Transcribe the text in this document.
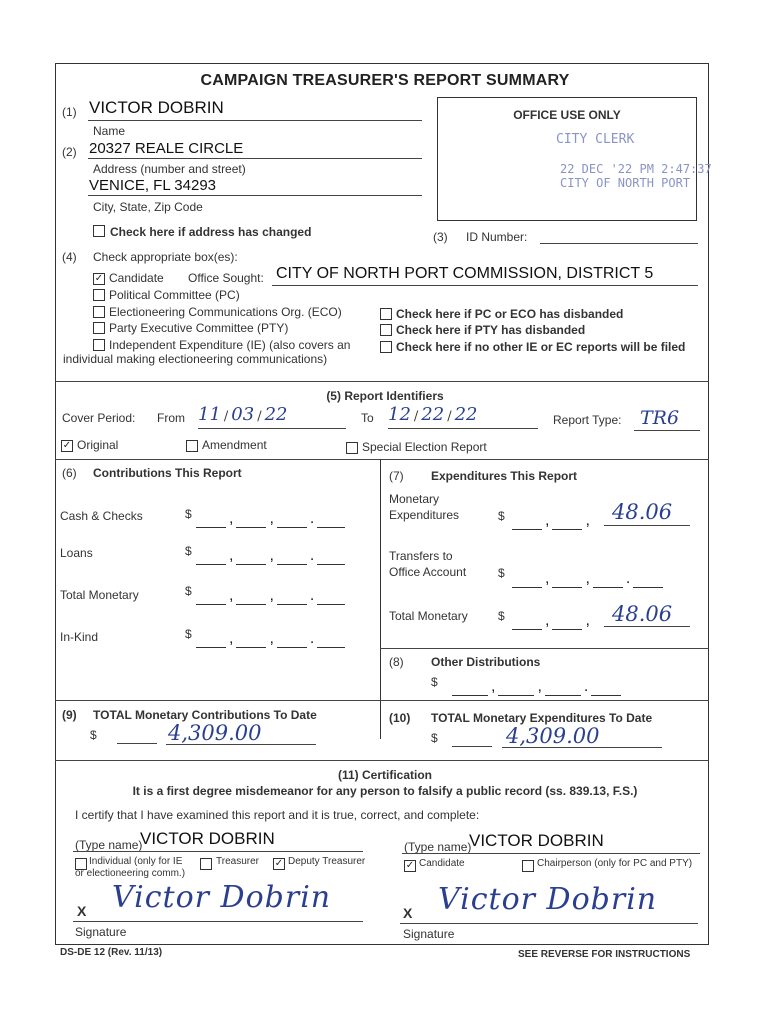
CAMPAIGN TREASURER'S REPORT SUMMARY
(1) VICTOR DOBRIN
Name
(2) 20327 REALE CIRCLE
Address (number and street)
VENICE, FL 34293
City, State, Zip Code
Check here if address has changed
OFFICE USE ONLY
CITY CLERK
22 DEC '22 PM 2:47:37
CITY OF NORTH PORT
(3) ID Number:
(4) Check appropriate box(es):
✓ Candidate Office Sought: CITY OF NORTH PORT COMMISSION, DISTRICT 5
Political Committee (PC)
Electioneering Communications Org. (ECO)
Party Executive Committee (PTY)
Independent Expenditure (IE) (also covers an
individual making electioneering communications)
Check here if PC or ECO has disbanded
Check here if PTY has disbanded
Check here if no other IE or EC reports will be filed
(5) Report Identifiers
Cover Period: From 11 / 03 / 22	To 12 / 22 / 22	Report Type: TR6
✓ Original	Amendment	Special Election Report
(6) Contributions This Report
Cash & Checks	$	, , .
Loans	$	, , .
Total Monetary	$	, , .
In-Kind	$	, , .
(7) Expenditures This Report
Monetary
Expenditures	$	, , 48.06
Transfers to
Office Account	$	, , .
Total Monetary	$	, , 48.06
(8) Other Distributions
$	,	,	.
(9) TOTAL Monetary Contributions To Date
$	4,309.00
(10) TOTAL Monetary Expenditures To Date
$	4,309.00
(11) Certification
It is a first degree misdemeanor for any person to falsify a public record (ss. 839.13, F.S.)
I certify that I have examined this report and it is true, correct, and complete:
(Type name)
VICTOR DOBRIN	(Type name)
VICTOR DOBRIN
Individual (only for IE
or electioneering comm.)
Treasurer ✓ Deputy Treasurer	✓ Candidate	Chairperson (only for PC and PTY)
X Victor Dobrin
Signature
X Victor Dobrin
Signature
DS-DE 12 (Rev. 11/13)	SEE REVERSE FOR INSTRUCTIONS
